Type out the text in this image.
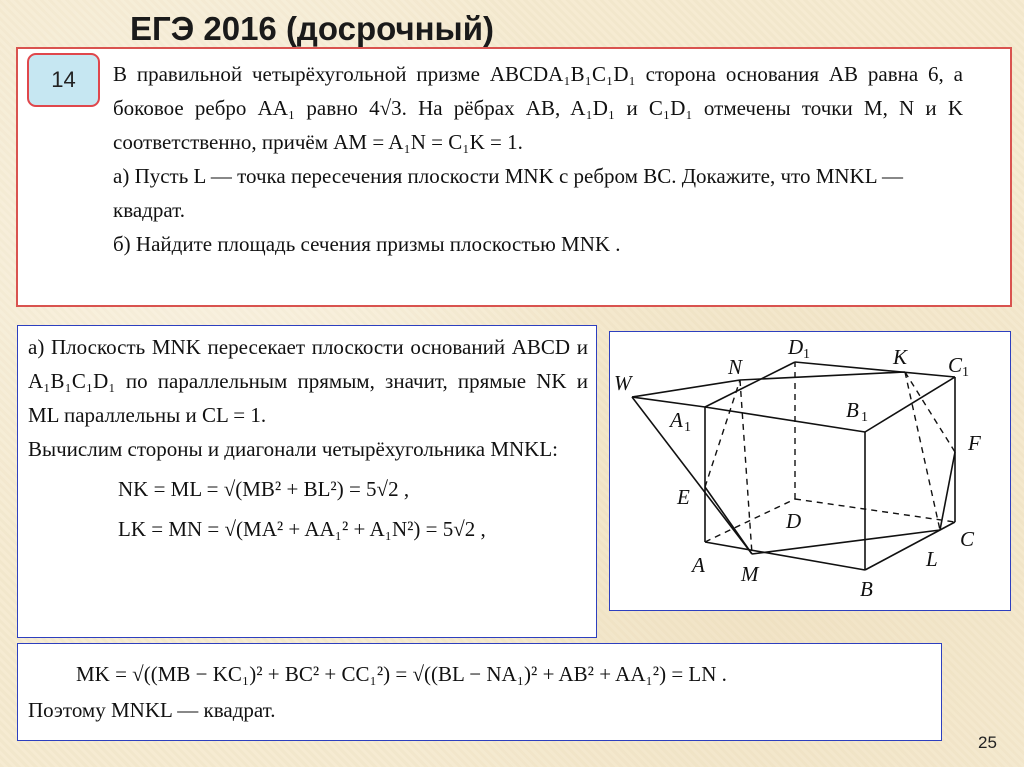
ЕГЭ 2016 (досрочный)
14	В правильной четырёхугольной призме ABCDA₁B₁C₁D₁ сторона основания AB равна 6, а боковое ребро AA₁ равно 4√3. На рёбрах AB, A₁D₁ и C₁D₁ отмечены точки M, N и K соответственно, причём AM = A₁N = C₁K = 1.
а) Пусть L — точка пересечения плоскости MNK с ребром BC. Докажите, что MNKL — квадрат.
б) Найдите площадь сечения призмы плоскостью MNK .
а) Плоскость MNK пересекает плоскости оснований ABCD и A₁B₁C₁D₁ по параллельным прямым, значит, прямые NK и ML параллельны и CL = 1.
Вычислим стороны и диагонали четырёхугольника MNKL:
NK = ML = √(MB² + BL²) = 5√2 ,
LK = MN = √(MA² + AA₁² + A₁N²) = 5√2 ,
MK = √((MB − KC₁)² + BC² + CC₁²) = √((BL − NA₁)² + AB² + AA₁²) = LN .
Поэтому MNKL — квадрат.
W
N
D 1	K C 1
A 1
B 1
F
E
D
A M
B
L
C
25
